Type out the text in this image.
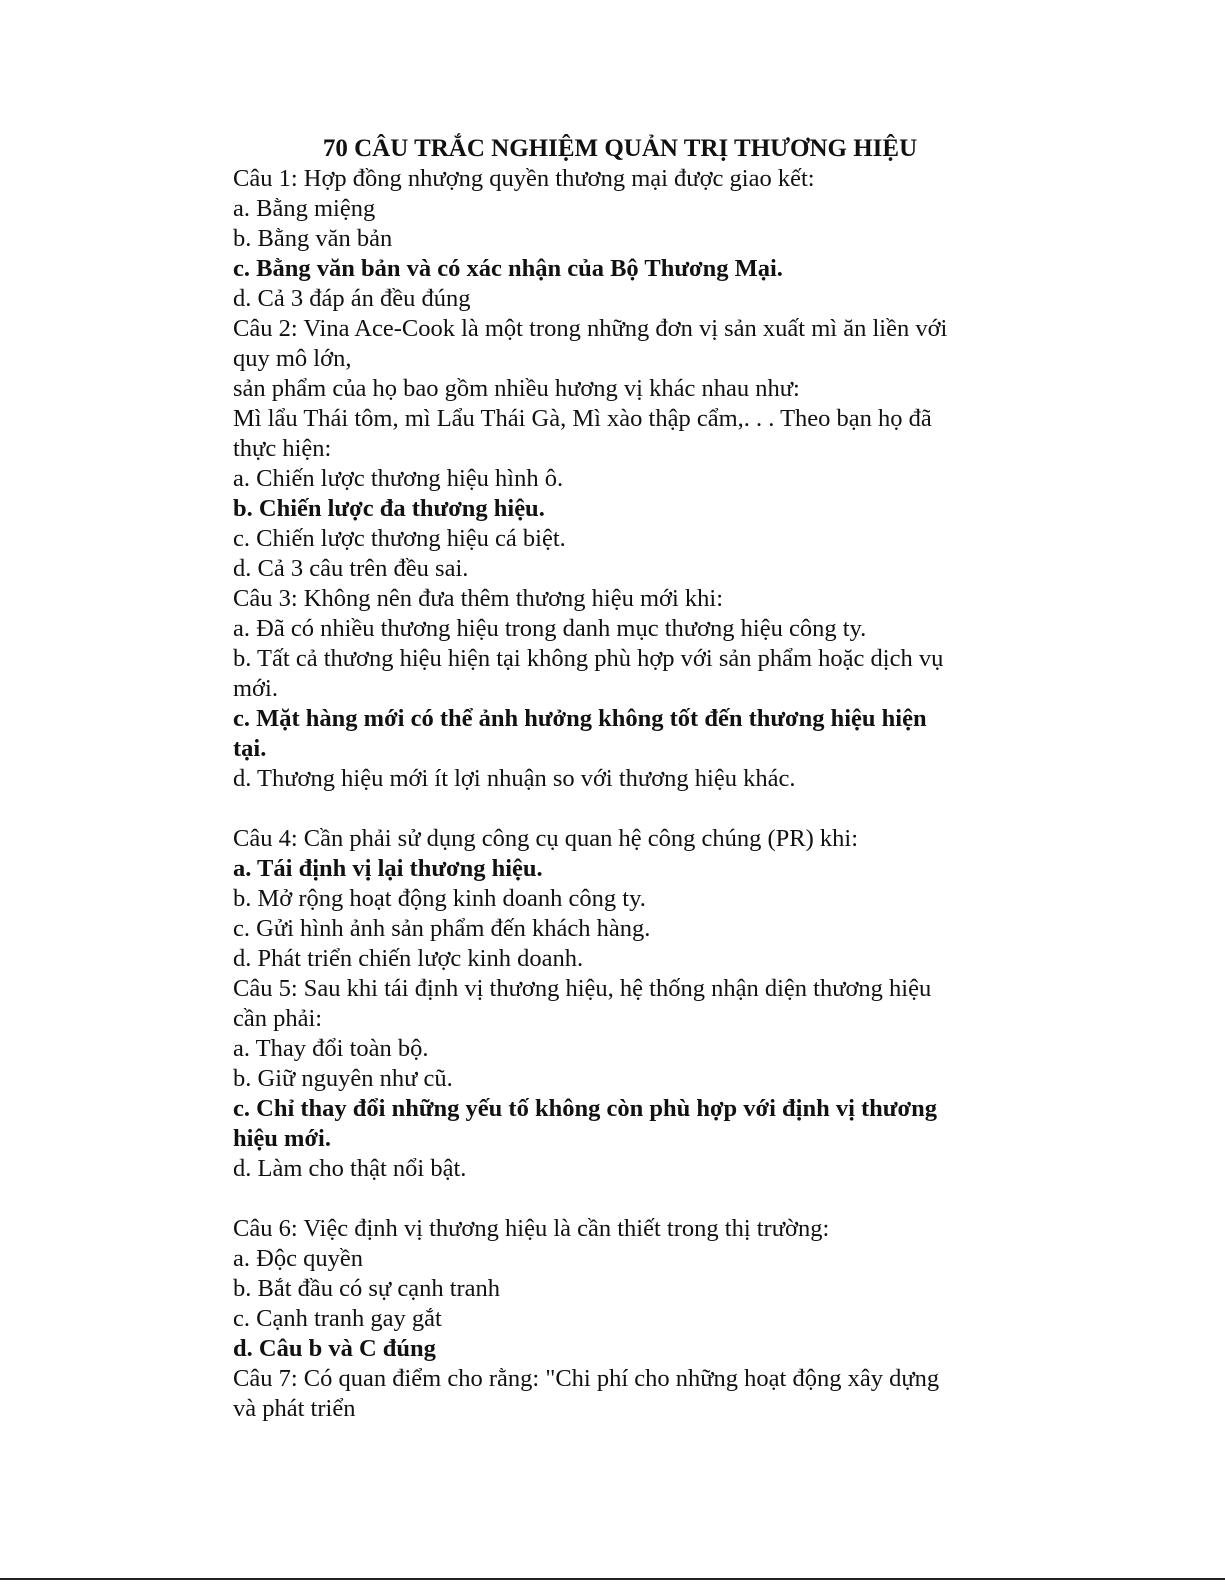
70 CÂU TRẮC NGHIỆM QUẢN TRỊ THƯƠNG HIỆU
Câu 1: Hợp đồng nhượng quyền thương mại được giao kết:
a. Bằng miệng
b. Bằng văn bản
c. Bằng văn bản và có xác nhận của Bộ Thương Mại.
d. Cả 3 đáp án đều đúng
Câu 2: Vina Ace-Cook là một trong những đơn vị sản xuất mì ăn liền với
quy mô lớn,
sản phẩm của họ bao gồm nhiều hương vị khác nhau như:
Mì lẩu Thái tôm, mì Lẩu Thái Gà, Mì xào thập cẩm,. . . Theo bạn họ đã
thực hiện:
a. Chiến lược thương hiệu hình ô.
b. Chiến lược đa thương hiệu.
c. Chiến lược thương hiệu cá biệt.
d. Cả 3 câu trên đều sai.
Câu 3: Không nên đưa thêm thương hiệu mới khi:
a. Đã có nhiều thương hiệu trong danh mục thương hiệu công ty.
b. Tất cả thương hiệu hiện tại không phù hợp với sản phẩm hoặc dịch vụ
mới.
c. Mặt hàng mới có thể ảnh hưởng không tốt đến thương hiệu hiện
tại.
d. Thương hiệu mới ít lợi nhuận so với thương hiệu khác.
Câu 4: Cần phải sử dụng công cụ quan hệ công chúng (PR) khi:
a. Tái định vị lại thương hiệu.
b. Mở rộng hoạt động kinh doanh công ty.
c. Gửi hình ảnh sản phẩm đến khách hàng.
d. Phát triển chiến lược kinh doanh.
Câu 5: Sau khi tái định vị thương hiệu, hệ thống nhận diện thương hiệu
cần phải:
a. Thay đổi toàn bộ.
b. Giữ nguyên như cũ.
c. Chỉ thay đổi những yếu tố không còn phù hợp với định vị thương
hiệu mới.
d. Làm cho thật nổi bật.
Câu 6: Việc định vị thương hiệu là cần thiết trong thị trường:
a. Độc quyền
b. Bắt đầu có sự cạnh tranh
c. Cạnh tranh gay gắt
d. Câu b và C đúng
Câu 7: Có quan điểm cho rằng: "Chi phí cho những hoạt động xây dựng
và phát triển
